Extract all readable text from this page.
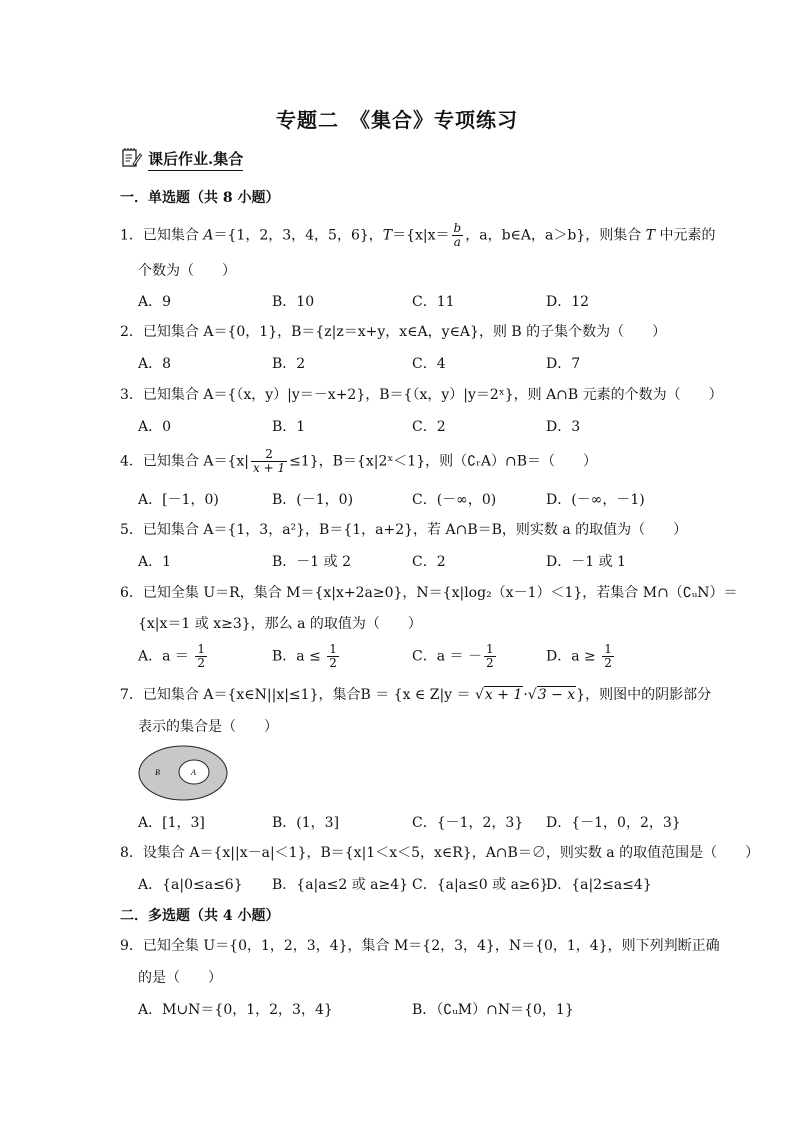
专题二　《集合》专项练习
课后作业.集合
一．单选题（共 8 小题）
1．已知集合 A＝{1，2，3，4，5，6}，$T=\{x|x= \frac{b}{a}$ ，a，b∈A，a＞b}，则集合 T 中元素的
个数为（　　）
A．9	B．10	C．11	D．12
2．已知集合 A＝{0，1}，B＝{z|z＝x+y，x∈A，y∈A}，则 B 的子集个数为（　　）
A．8	B．2	C．4	D．7
3．已知集合 A＝{（x，y）|y＝－x+2}，B＝{（x，y）|y＝2ˣ}，则 A∩B 元素的个数为（　　）
A．0	B．1	C．2	D．3
4．已知集合 $A=\{x| \frac{2}{x + 1} \le 1\}$，B＝{x|2ˣ＜1}，则（∁ᵣA）∩B＝（　　）
A．[－1，0)	B．(－1，0)	C．(－∞，0)	D．(－∞，－1)
5．已知集合 A＝{1，3，a²}，B＝{1，a+2}，若 A∩B＝B，则实数 a 的取值为（　　）
A．1	B．－1 或 2	C．2	D．－1 或 1
6．已知全集 U＝R，集合 M＝{x|x+2a≥0}，N＝{x|log₂（x－1）＜1}，若集合 M∩（∁ᵤN）＝
{x|x＝1 或 x≥3}，那么 a 的取值为（　　）
A．$a = \frac{1}{2}$	B．$a \le \frac{1}{2}$	C．a ＝ － $\frac{1}{2}$	D．$a \ge \frac{1}{2}$
7．已知集合 A＝{x∈N||x|≤1}，集合B ＝ {x ∈ Z|y ＝ √x + 1·√3 − x}，则图中的阴影部分
表示的集合是（　　）
B	A
A．[1，3]	B．(1，3]	C．{－1，2，3} D．{－1，0，2，3}
8．设集合 A＝{x||x－a|＜1}，B＝{x|1＜x＜5，x∈R}，A∩B＝∅，则实数 a 的取值范围是（　　）
A．{a|0≤a≤6} B．{a|a≤2 或 a≥4} C．{a|a≤0 或 a≥6}
D．{a|2≤a≤4}
二．多选题（共 4 小题）
9．已知全集 U＝{0，1，2，3，4}，集合 M＝{2，3，4}，N＝{0，1，4}，则下列判断正确
的是（　　）
A．M∪N＝{0，1，2，3，4}	B．（∁ᵤM）∩N＝{0，1}
